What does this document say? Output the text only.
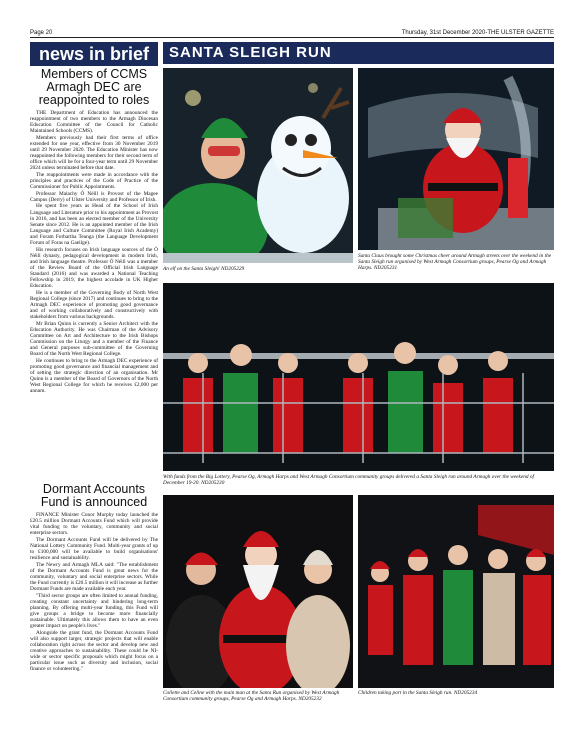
Page 20	Thursday, 31st December 2020-THE ULSTER GAZETTE
news in brief	SANTA SLEIGH RUN
Members of CCMS Armagh DEC are reappointed to roles

THE Department of Education has announced the reappointment of two members to the Armagh Diocesan Education Committee of the Council for Catholic Maintained Schools (CCMS).

Members previously had their first terms of office extended for one year, effective from 30 November 2019 until 29 November 2020. The Education Minister has now reappointed the following members for their second term of office which will be for a four-year term until 29 November 2024 unless terminated before that date.

The reappointments were made in accordance with the principles and practices of the Code of Practice of the Commissioner for Public Appointments.

Professor Malachy Ó Néill is Provost of the Magee Campus (Derry) of Ulster University and Professor of Irish.

He spent five years as Head of the School of Irish Language and Literature prior to his appointment as Provost in 2016, and has been an elected member of the University Senate since 2012. He is an appointed member of the Irish Language and Culture Committee (Royal Irish Academy) and Foram Forbartha Teanga (the Language Development Forum of Foras na Gaeilge).

His research focuses on Irish language sources of the Ó Néill dynasty, pedagogical development in modern Irish, and Irish language theatre. Professor Ó Néill was a member of the Review Board of the Official Irish Language Standard (2016) and was awarded a National Teaching Fellowship in 2019, the highest accolade in UK Higher Education.

He is a member of the Governing Body of North West Regional College (since 2017) and continues to bring to the Armagh DEC experience of promoting good governance and of working collaboratively and constructively with stakeholders from various backgrounds.

Mr Brian Quinn is currently a Senior Architect with the Education Authority. He was Chairman of the Advisory Committee on Art and Architecture to the Irish Bishops Commission on the Liturgy and a member of the Finance and General purposes sub-committee of the Governing Board of the North West Regional College.

He continues to bring to the Armagh DEC experience of promoting good governance and financial management and of setting the strategic direction of an organisation. Mr Quinn is a member of the Board of Governors of the North West Regional College for which he receives £2,000 per annum.

Dormant Accounts Fund is announced

FINANCE Minister Conor Murphy today launched the £20.5 million Dormant Accounts Fund which will provide vital funding to the voluntary, community and social enterprise sectors.

The Dormant Accounts Fund will be delivered by The National Lottery Community Fund. Multi-year grants of up to £100,000 will be available to build organisations' resilience and sustainability.

The Newry and Armagh MLA said: "The establishment of the Dormant Accounts Fund is great news for the community, voluntary and social enterprise sectors. While the Fund currently is £20.5 million it will increase as further Dormant Funds are made available each year.

"Third sector groups are often limited to annual funding, creating constant uncertainty and hindering long-term planning. By offering multi-year funding, this Fund will give groups a bridge to become more financially sustainable. Ultimately this allows them to have an even greater impact on people's lives."

Alongside the grant fund, the Dormant Accounts Fund will also support larger, strategic projects that will enable collaboration right across the sector and develop new and creative approaches to sustainability. These could be NI-wide or sector specific proposals which might focus on a particular issue such as diversity and inclusion, social finance or volunteering."

An elf on the Santa Sleigh! ND205229
Santa Claus brought some Christmas cheer around Armagh streets over the weekend in the Santa Sleigh run organised by West Armagh Consortium groups, Pearse Og and Armagh Harps. ND205231
With funds from the Big Lottery, Pearse Og, Armagh Harps and West Armagh Consortium community groups delivered a Santa Sleigh run around Armagh over the weekend of December 19-20. ND205230
Collette and Celine with the main man at the Santa Run organised by West Armagh Consortium community groups, Pearse Og and Armagh Harps. ND205232
Children taking part in the Santa Sleigh run. ND205234
